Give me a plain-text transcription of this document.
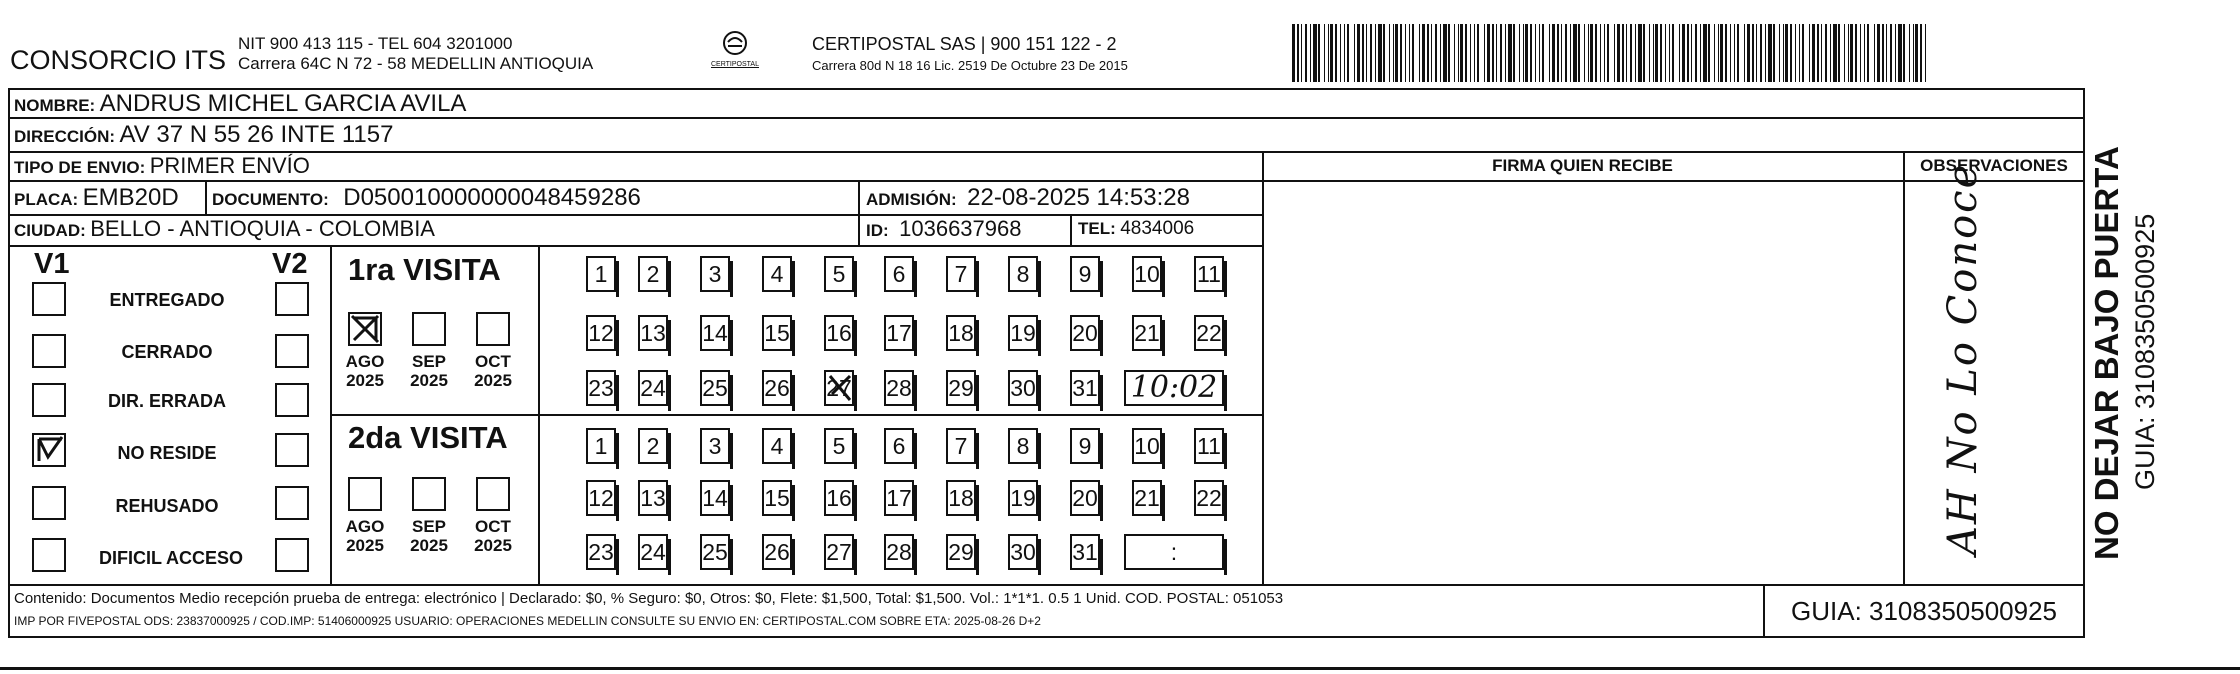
CONSORCIO ITS
NIT 900 413 115 - TEL 604 3201000
Carrera 64C N 72 - 58 MEDELLIN ANTIOQUIA	CERTIPOSTAL
CERTIPOSTAL SAS | 900 151 122 - 2
Carrera 80d N 18 16 Lic. 2519 De Octubre 23 De 2015
NOMBRE: ANDRUS MICHEL GARCIA AVILA
DIRECCIÓN: AV 37 N 55 26 INTE 1157
TIPO DE ENVIO: PRIMER ENVÍO	FIRMA QUIEN RECIBE	OBSERVACIONES
PLACA: EMB20D DOCUMENTO: D050010000000048459286	ADMISIÓN: 22-08-2025 14:53:28
CIUDAD: BELLO - ANTIOQUIA - COLOMBIA	ID: 1036637968	TEL: 4834006
V1	V2
ENTREGADO
CERRADO
DIR. ERRADA
NO RESIDE
REHUSADO
DIFICIL ACCESO
1ra VISITA
AGO
2025
SEP
2025
OCT
2025
1	2	3	4	5	6	7	8	9	10 11
12 13 14 15 16 17 18 19 20 21 22
23 24 25 26 27 28 29 30 31 10:02
2da VISITA
AGO
2025
SEP
2025
OCT
2025
1	2	3	4	5	6	7	8	9	10 11
12 13 14 15 16 17 18 19 20 21 22
23 24 25 26 27 28 29 30 31	:	AH No Lo Conoce	NO DEJAR BAJO PUERTA GUIA: 3108350500925
Contenido: Documentos Medio recepción prueba de entrega: electrónico | Declarado: $0, % Seguro: $0, Otros: $0, Flete: $1,500, Total: $1,500. Vol.: 1*1*1. 0.5 1 Unid. COD. POSTAL: 051053
IMP POR FIVEPOSTAL ODS: 23837000925 / COD.IMP: 51406000925 USUARIO: OPERACIONES MEDELLIN CONSULTE SU ENVIO EN: CERTIPOSTAL.COM SOBRE ETA: 2025-08-26 D+2	GUIA: 3108350500925
